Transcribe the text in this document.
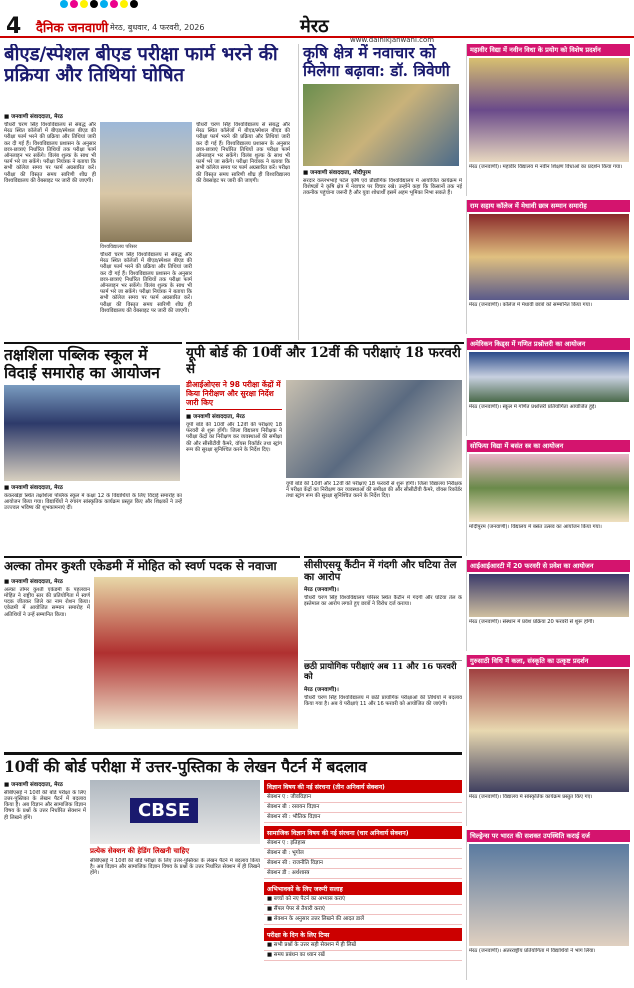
4 दैनिक जनवाणी मेरठ, बुधवार, 4 फरवरी, 2026	मेरठ
www.dainikjanwani.com
बीएड/स्पेशल बीएड परीक्षा फार्म भरने की प्रक्रिया और तिथियां घोषित
■ जनवाणी संवाददाता, मेरठ
चौधरी चरण सिंह विश्वविद्यालय से संबद्ध और मेरठ स्थित कॉलेजों में बीएड/स्पेशल बीएड की परीक्षा फार्म भरने की प्रक्रिया और तिथियां जारी कर दी गई हैं। विश्वविद्यालय प्रशासन के अनुसार छात्र-छात्राएं निर्धारित तिथियों तक परीक्षा फार्म ऑनलाइन भर सकेंगे। विलंब शुल्क के साथ भी फार्म भरे जा सकेंगे। परीक्षा नियंत्रक ने बताया कि सभी कॉलेज समय पर फार्म अग्रसारित करें। परीक्षा की विस्तृत समय सारिणी शीघ्र ही विश्वविद्यालय की वेबसाइट पर जारी की जाएगी।
विश्वविद्यालय परिसर
चौधरी चरण सिंह विश्वविद्यालय से संबद्ध और मेरठ स्थित कॉलेजों में बीएड/स्पेशल बीएड की परीक्षा फार्म भरने की प्रक्रिया और तिथियां जारी कर दी गई हैं। विश्वविद्यालय प्रशासन के अनुसार छात्र-छात्राएं निर्धारित तिथियों तक परीक्षा फार्म ऑनलाइन भर सकेंगे। विलंब शुल्क के साथ भी फार्म भरे जा सकेंगे। परीक्षा नियंत्रक ने बताया कि सभी कॉलेज समय पर फार्म अग्रसारित करें। परीक्षा की विस्तृत समय सारिणी शीघ्र ही विश्वविद्यालय की वेबसाइट पर जारी की जाएगी।
चौधरी चरण सिंह विश्वविद्यालय से संबद्ध और मेरठ स्थित कॉलेजों में बीएड/स्पेशल बीएड की परीक्षा फार्म भरने की प्रक्रिया और तिथियां जारी कर दी गई हैं। विश्वविद्यालय प्रशासन के अनुसार छात्र-छात्राएं निर्धारित तिथियों तक परीक्षा फार्म ऑनलाइन भर सकेंगे। विलंब शुल्क के साथ भी फार्म भरे जा सकेंगे। परीक्षा नियंत्रक ने बताया कि सभी कॉलेज समय पर फार्म अग्रसारित करें। परीक्षा की विस्तृत समय सारिणी शीघ्र ही विश्वविद्यालय की वेबसाइट पर जारी की जाएगी।
कृषि क्षेत्र में नवाचार को मिलेगा बढ़ावा: डॉ. त्रिवेणी
■ जनवाणी संवाददाता, मोदीपुरम
सरदार वल्लभभाई पटेल कृषि एवं प्रौद्योगिक विश्वविद्यालय में आयोजित कार्यक्रम में विशेषज्ञों ने कृषि क्षेत्र में नवाचार पर विचार रखे। उन्होंने कहा कि किसानों तक नई तकनीक पहुंचाना जरूरी है और युवा शोधार्थी इसमें अहम भूमिका निभा सकते हैं।
महावीर विद्या में नवीन विधा के प्रयोग को विशेष प्रदर्शन
मेरठ (जनवाणी)। महावीर विद्यालय में नवीन शिक्षण विधाओं का प्रदर्शन किया गया।
राम सहाय कॉलेज में मेधावी छात्र सम्मान समारोह
मेरठ (जनवाणी)। कॉलेज में मेधावी छात्रों को सम्मानित किया गया।
अमेरिकन किड्स में गणित प्रश्नोत्तरी का आयोजन
मेरठ (जनवाणी)। स्कूल में गणित प्रश्नोत्तरी प्रतियोगिता आयोजित हुई।
सोफिया विद्या में बसंत स्त्र का आयोजन
मोदीपुरम (जनवाणी)। विद्यालय में बसंत उत्सव का आयोजन किया गया।
आईआईआरटी में 20 फरवरी से प्रवेश का आयोजन
मेरठ (जनवाणी)। संस्थान में प्रवेश प्रक्रिया 20 फरवरी से शुरू होगी।
गुरुसाठी विधि में कला, संस्कृति का उत्कृष्ट प्रदर्शन
मेरठ (जनवाणी)। विद्यालय में सांस्कृतिक कार्यक्रम प्रस्तुत किए गए।
चिल्ड्रेन्स पर भारत की सशक्त उपस्थिति कराई दर्ज
मेरठ (जनवाणी)। अंतरराष्ट्रीय प्रतियोगिता में विद्यार्थियों ने भाग लिया।
तक्षशिला पब्लिक स्कूल में विदाई समारोह का आयोजन
■ जनवाणी संवाददाता, मेरठ
कंकरखेड़ा स्थित तक्षशिला पब्लिक स्कूल में कक्षा 12 के विद्यार्थियों के लिए विदाई समारोह का आयोजन किया गया। विद्यार्थियों ने रंगारंग सांस्कृतिक कार्यक्रम प्रस्तुत किए और शिक्षकों ने उन्हें उज्ज्वल भविष्य की शुभकामनाएं दीं।
यूपी बोर्ड की 10वीं और 12वीं की परीक्षाएं 18 फरवरी से
डीआईओएस ने 98 परीक्षा केंद्रों में किया निरीक्षण और सुरक्षा निर्देश जारी किए
■ जनवाणी संवाददाता, मेरठ
यूपी बोर्ड की 10वीं और 12वीं की परीक्षाएं 18 फरवरी से शुरू होंगी। जिला विद्यालय निरीक्षक ने परीक्षा केंद्रों का निरीक्षण कर व्यवस्थाओं की समीक्षा की और सीसीटीवी कैमरे, वॉयस रिकॉर्डर तथा स्ट्रांग रूम की सुरक्षा सुनिश्चित करने के निर्देश दिए।
यूपी बोर्ड की 10वीं और 12वीं की परीक्षाएं 18 फरवरी से शुरू होंगी। जिला विद्यालय निरीक्षक ने परीक्षा केंद्रों का निरीक्षण कर व्यवस्थाओं की समीक्षा की और सीसीटीवी कैमरे, वॉयस रिकॉर्डर तथा स्ट्रांग रूम की सुरक्षा सुनिश्चित करने के निर्देश दिए।
अल्का तोमर कुश्ती एकेडमी में मोहित को स्वर्ण पदक से नवाजा
■ जनवाणी संवाददाता, मेरठ
अल्का तोमर कुश्ती एकेडमी के पहलवान मोहित ने राष्ट्रीय स्तर की प्रतियोगिता में स्वर्ण पदक जीतकर जिले का नाम रोशन किया। एकेडमी में आयोजित सम्मान समारोह में अतिथियों ने उन्हें सम्मानित किया।
सीसीएसयू कैंटीन में गंदगी और घटिया तेल का आरोप
मेरठ (जनवाणी)।
चौधरी चरण सिंह विश्वविद्यालय परिसर स्थित कैंटीन में गंदगी और घटिया तेल के इस्तेमाल का आरोप लगाते हुए छात्रों ने विरोध दर्ज कराया।
छठी प्रायोगिक परीक्षाएं अब 11 और 16 फरवरी को
मेरठ (जनवाणी)।
चौधरी चरण सिंह विश्वविद्यालय में छठी प्रायोगिक परीक्षाओं की तिथियों में बदलाव किया गया है। अब ये परीक्षाएं 11 और 16 फरवरी को आयोजित की जाएंगी।
10वीं की बोर्ड परीक्षा में उत्तर-पुस्तिका के लेखन पैटर्न में बदलाव
■ जनवाणी संवाददाता, मेरठ
सीबीएसई ने 10वीं की बोर्ड परीक्षा के लिए उत्तर-पुस्तिका के लेखन पैटर्न में बदलाव किया है। अब विज्ञान और सामाजिक विज्ञान विषय के प्रश्नों के उत्तर निर्धारित सेक्शन में ही लिखने होंगे।	CBSE
प्रत्येक सेक्शन की हेडिंग लिखनी चाहिए
सीबीएसई ने 10वीं की बोर्ड परीक्षा के लिए उत्तर-पुस्तिका के लेखन पैटर्न में बदलाव किया है। अब विज्ञान और सामाजिक विज्ञान विषय के प्रश्नों के उत्तर निर्धारित सेक्शन में ही लिखने होंगे।
विज्ञान विषय की नई संरचना (तीन अनिवार्य सेक्शन)
सेक्शन ए : जीवविज्ञान
सेक्शन बी : रसायन विज्ञान
सेक्शन सी : भौतिक विज्ञान
सामाजिक विज्ञान विषय की नई संरचना (चार अनिवार्य सेक्शन)
सेक्शन ए : इतिहास
सेक्शन बी : भूगोल
सेक्शन सी : राजनीति विज्ञान
सेक्शन डी : अर्थशास्त्र
अभिभावकों के लिए जरूरी सलाह
■ बच्चों को नए पैटर्न का अभ्यास कराएं
■ सैंपल पेपर से तैयारी कराएं
■ सेक्शन के अनुसार उत्तर लिखने की आदत डालें
परीक्षा के दिन के लिए टिप्स
■ सभी प्रश्नों के उत्तर सही सेक्शन में ही लिखें
■ समय प्रबंधन का ध्यान रखें
